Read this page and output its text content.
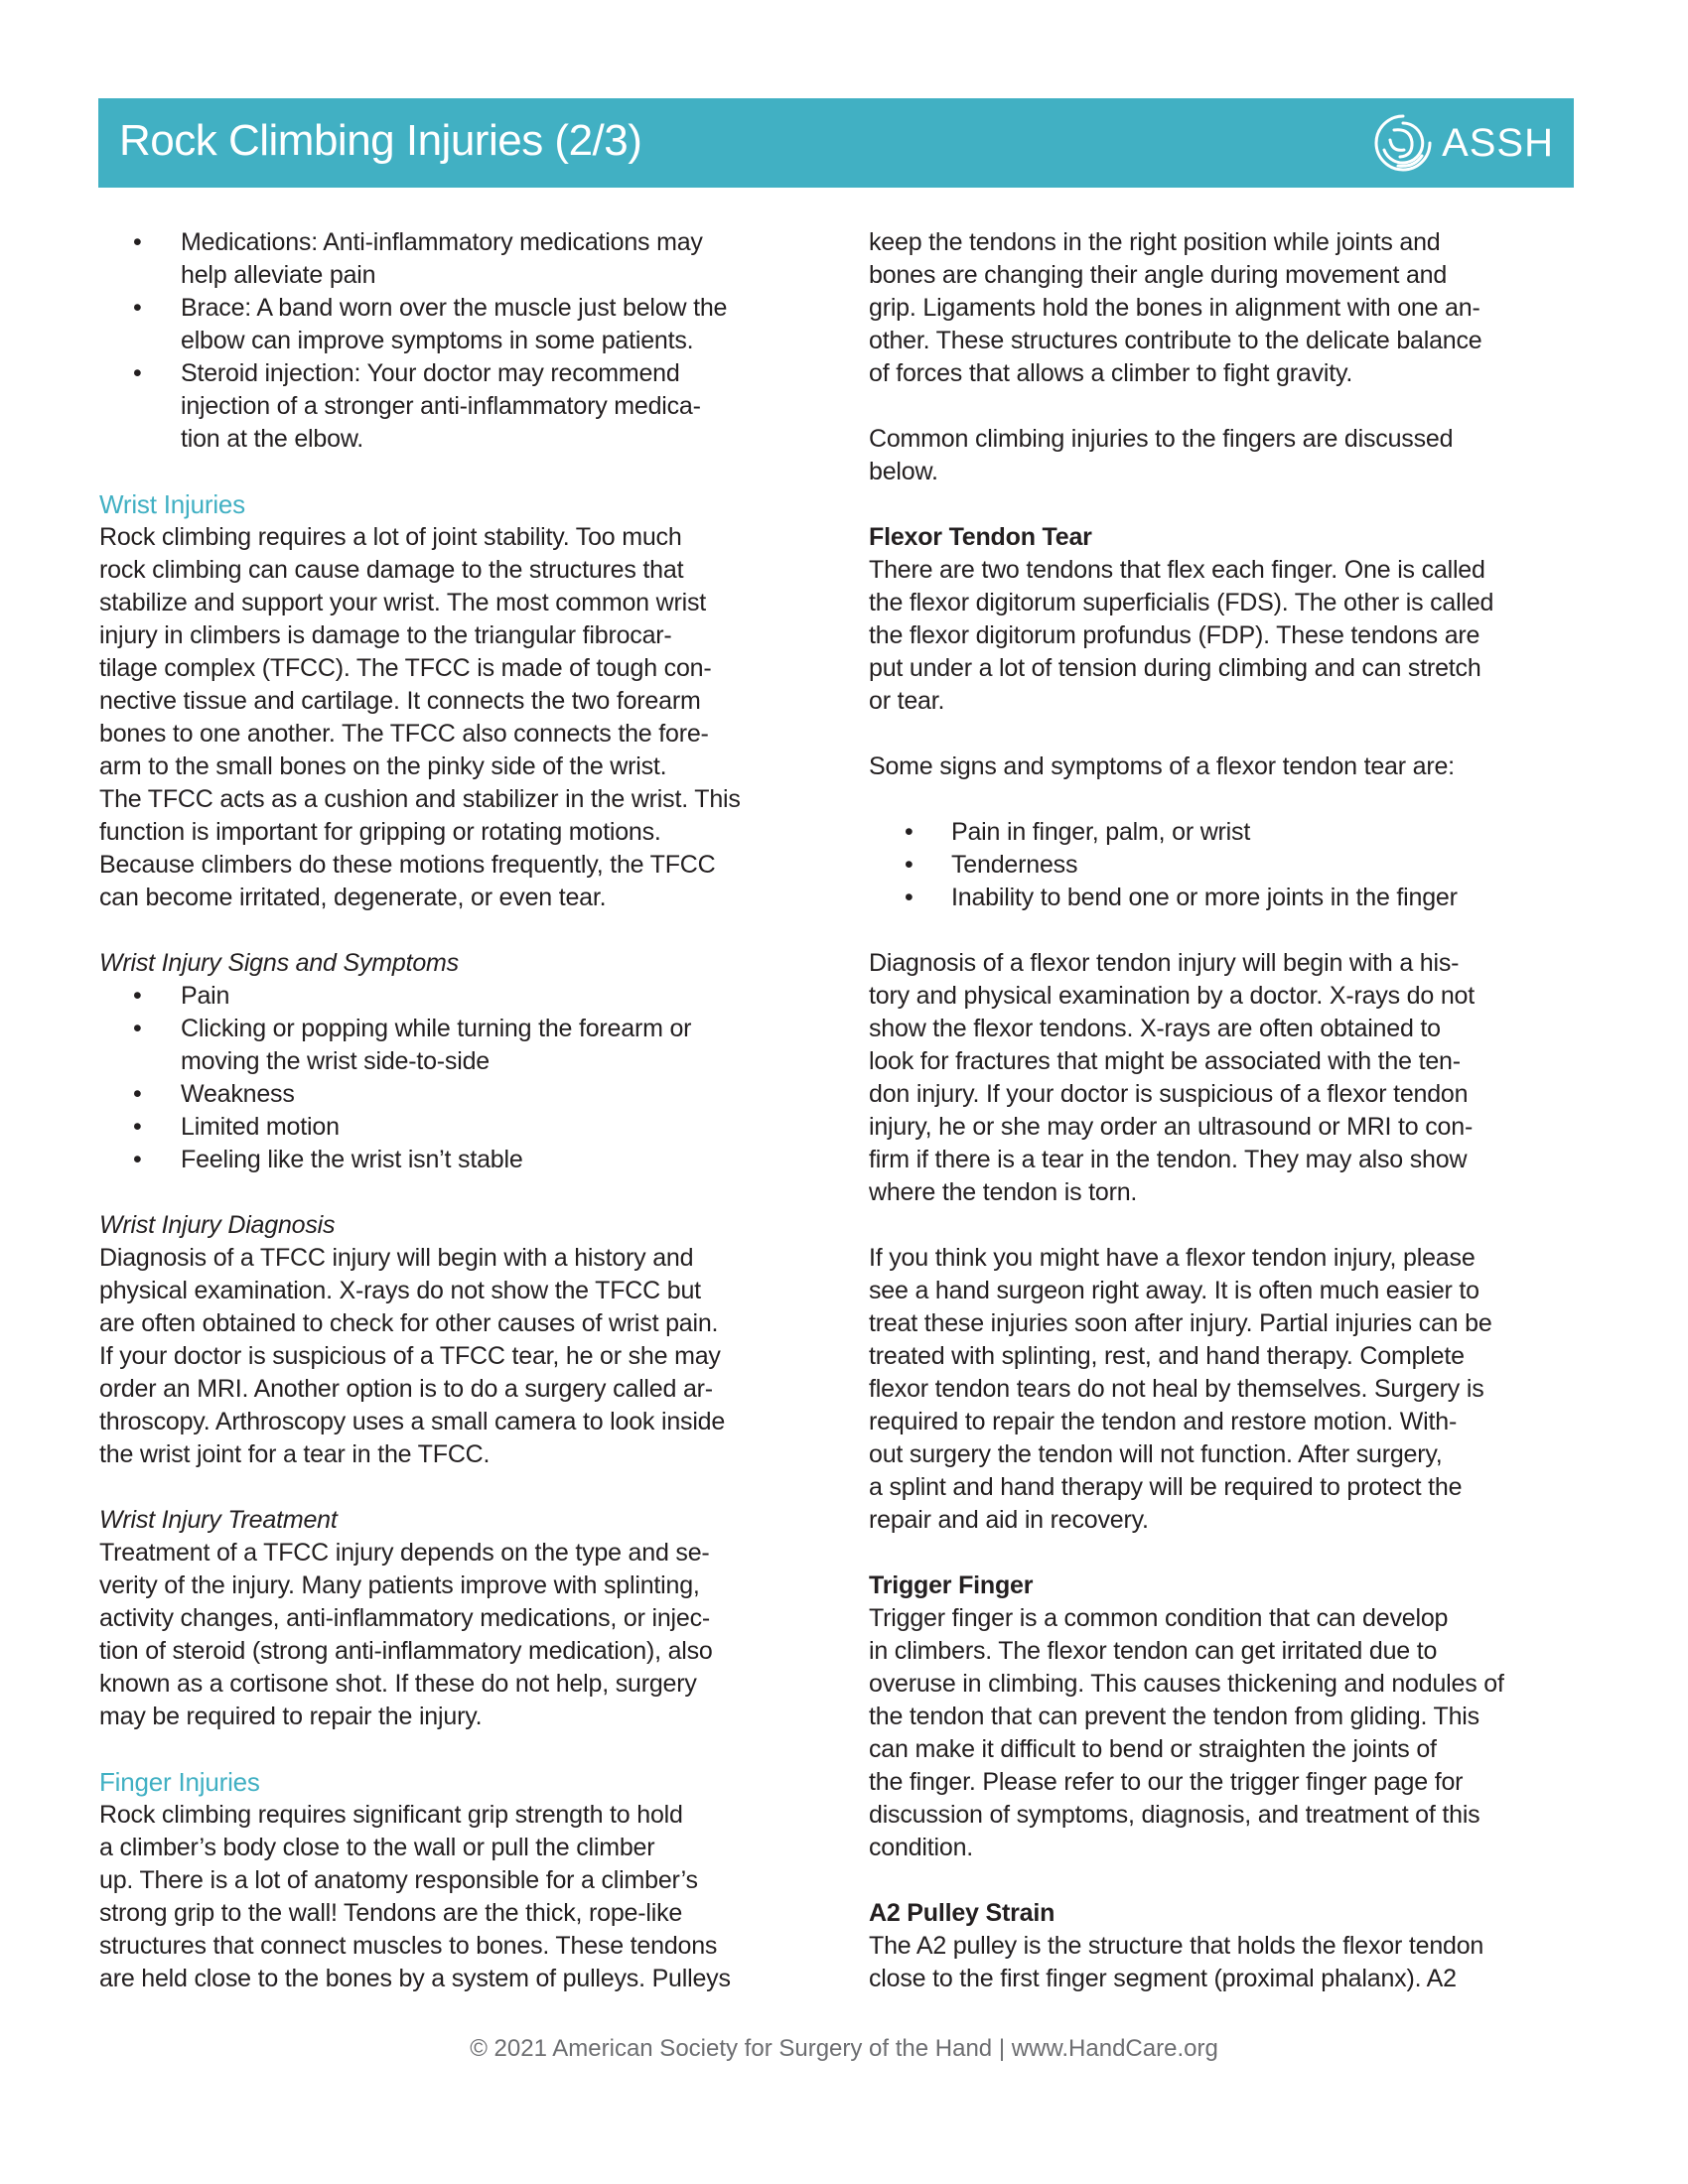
Rock Climbing Injuries (2/3)	ASSH
• Medications: Anti-inflammatory medications may
help alleviate pain
• Brace: A band worn over the muscle just below the
elbow can improve symptoms in some patients.
• Steroid injection: Your doctor may recommend
injection of a stronger anti-inflammatory medica-
tion at the elbow.
Wrist Injuries
Rock climbing requires a lot of joint stability. Too much
rock climbing can cause damage to the structures that
stabilize and support your wrist. The most common wrist
injury in climbers is damage to the triangular fibrocar-
tilage complex (TFCC). The TFCC is made of tough con-
nective tissue and cartilage. It connects the two forearm
bones to one another. The TFCC also connects the fore-
arm to the small bones on the pinky side of the wrist.
The TFCC acts as a cushion and stabilizer in the wrist. This
function is important for gripping or rotating motions.
Because climbers do these motions frequently, the TFCC
can become irritated, degenerate, or even tear.
Wrist Injury Signs and Symptoms
• Pain
• Clicking or popping while turning the forearm or
moving the wrist side-to-side
• Weakness
• Limited motion
• Feeling like the wrist isn’t stable
Wrist Injury Diagnosis
Diagnosis of a TFCC injury will begin with a history and
physical examination. X-rays do not show the TFCC but
are often obtained to check for other causes of wrist pain.
If your doctor is suspicious of a TFCC tear, he or she may
order an MRI. Another option is to do a surgery called ar-
throscopy. Arthroscopy uses a small camera to look inside
the wrist joint for a tear in the TFCC.
Wrist Injury Treatment
Treatment of a TFCC injury depends on the type and se-
verity of the injury. Many patients improve with splinting,
activity changes, anti-inflammatory medications, or injec-
tion of steroid (strong anti-inflammatory medication), also
known as a cortisone shot. If these do not help, surgery
may be required to repair the injury.
Finger Injuries
Rock climbing requires significant grip strength to hold
a climber’s body close to the wall or pull the climber
up. There is a lot of anatomy responsible for a climber’s
strong grip to the wall! Tendons are the thick, rope-like
structures that connect muscles to bones. These tendons
are held close to the bones by a system of pulleys. Pulleys
keep the tendons in the right position while joints and
bones are changing their angle during movement and
grip. Ligaments hold the bones in alignment with one an-
other. These structures contribute to the delicate balance
of forces that allows a climber to fight gravity.
Common climbing injuries to the fingers are discussed
below.
Flexor Tendon Tear
There are two tendons that flex each finger. One is called
the flexor digitorum superficialis (FDS). The other is called
the flexor digitorum profundus (FDP). These tendons are
put under a lot of tension during climbing and can stretch
or tear.
Some signs and symptoms of a flexor tendon tear are:
• Pain in finger, palm, or wrist
• Tenderness
• Inability to bend one or more joints in the finger
Diagnosis of a flexor tendon injury will begin with a his-
tory and physical examination by a doctor. X-rays do not
show the flexor tendons. X-rays are often obtained to
look for fractures that might be associated with the ten-
don injury. If your doctor is suspicious of a flexor tendon
injury, he or she may order an ultrasound or MRI to con-
firm if there is a tear in the tendon. They may also show
where the tendon is torn.
If you think you might have a flexor tendon injury, please
see a hand surgeon right away. It is often much easier to
treat these injuries soon after injury. Partial injuries can be
treated with splinting, rest, and hand therapy. Complete
flexor tendon tears do not heal by themselves. Surgery is
required to repair the tendon and restore motion. With-
out surgery the tendon will not function. After surgery,
a splint and hand therapy will be required to protect the
repair and aid in recovery.
Trigger Finger
Trigger finger is a common condition that can develop
in climbers. The flexor tendon can get irritated due to
overuse in climbing. This causes thickening and nodules of
the tendon that can prevent the tendon from gliding. This
can make it difficult to bend or straighten the joints of
the finger. Please refer to our the trigger finger page for
discussion of symptoms, diagnosis, and treatment of this
condition.
A2 Pulley Strain
The A2 pulley is the structure that holds the flexor tendon
close to the first finger segment (proximal phalanx). A2
© 2021 American Society for Surgery of the Hand | www.HandCare.org
